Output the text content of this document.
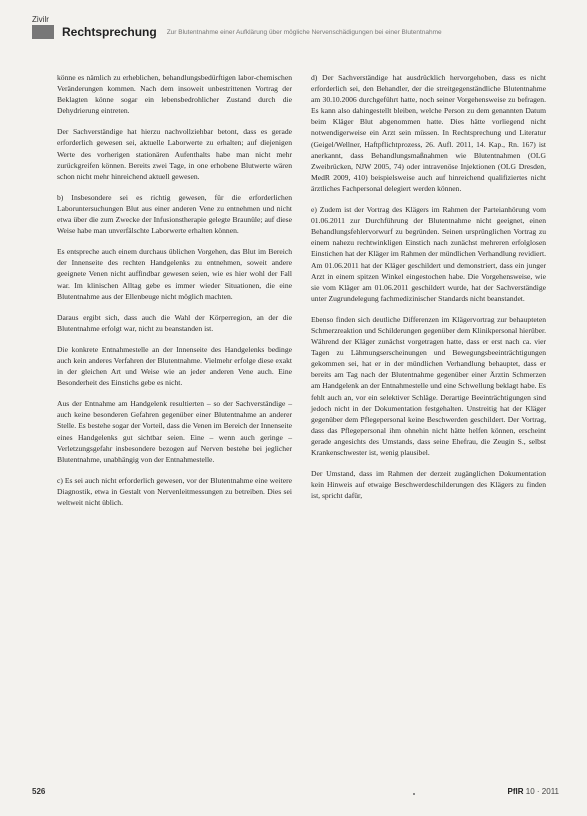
Zivilr
Rechtsprechung Zur Blutentnahme einer Aufklärung über mögliche Nervenschädigungen bei einer Blutentnahme

könne es nämlich zu erheblichen, behandlungsbedürftigen labor-chemischen Veränderungen kommen. Nach dem insoweit unbestrittenen Vortrag der Beklagten könne sogar ein lebensbedrohlicher Zustand durch die Dehydrierung eintreten.

Der Sachverständige hat hierzu nachvollziehbar betont, dass es gerade erforderlich gewesen sei, aktuelle Laborwerte zu erhalten; auf diejenigen Werte des vorherigen stationären Aufenthalts habe man nicht mehr zurückgreifen können. Bereits zwei Tage, in one erhobene Blutwerte wären schon nicht mehr hinreichend aktuell gewesen.

b) Insbesondere sei es richtig gewesen, für die erforderlichen Laboruntersuchungen Blut aus einer anderen Vene zu entnehmen und nicht etwa über die zum Zwecke der Infusionstherapie gelegte Braunüle; auf diese Weise habe man unverfälschte Laborwerte erhalten können.

Es entspreche auch einem durchaus üblichen Vorgehen, das Blut im Bereich der Innenseite des rechten Handgelenks zu entnehmen, soweit andere geeignete Venen nicht auffindbar gewesen seien, wie es hier wohl der Fall war. Im klinischen Alltag gebe es immer wieder Situationen, die eine Blutentnahme aus der Ellenbeuge nicht möglich machten.

Daraus ergibt sich, dass auch die Wahl der Körperregion, an der die Blutentnahme erfolgt war, nicht zu beanstanden ist.

Die konkrete Entnahmestelle an der Innenseite des Handgelenks bedinge auch kein anderes Verfahren der Blutentnahme. Vielmehr erfolge diese exakt in der gleichen Art und Weise wie an jeder anderen Vene auch. Eine Besonderheit des Einstichs gebe es nicht.

Aus der Entnahme am Handgelenk resultierten – so der Sachverständige – auch keine besonderen Gefahren gegenüber einer Blutentnahme an anderer Stelle. Es bestehe sogar der Vorteil, dass die Venen im Bereich der Innenseite eines Handgelenks gut sichtbar seien. Eine – wenn auch geringe – Verletzungsgefahr insbesondere bezogen auf Nerven bestehe bei jeglicher Blutentnahme, unabhängig von der Entnahmestelle.

c) Es sei auch nicht erforderlich gewesen, vor der Blutentnahme eine weitere Diagnostik, etwa in Gestalt von Nervenleitmessungen zu betreiben. Dies sei weltweit nicht üblich.

d) Der Sachverständige hat ausdrücklich hervorgehoben, dass es nicht erforderlich sei, den Behandler, der die streitgegenständliche Blutentnahme am 30.10.2006 durchgeführt hatte, noch seiner Vorgehensweise zu befragen. Es kann also dahingestellt bleiben, welche Person zu dem genannten Datum beim Kläger Blut abgenommen hatte. Dies hätte vorliegend nicht notwendigerweise ein Arzt sein müssen. In Rechtsprechung und Literatur (Geigel/Wellner, Haftpflichtprozess, 26. Aufl. 2011, 14. Kap., Rn. 167) ist anerkannt, dass Behandlungsmaßnahmen wie Blutentnahmen (OLG Zweibrücken, NJW 2005, 74) oder intravenöse Injektionen (OLG Dresden, MedR 2009, 410) beispielsweise auch auf hinreichend qualifiziertes nicht ärztliches Fachpersonal delegiert werden können.

e) Zudem ist der Vortrag des Klägers im Rahmen der Parteianhörung vom 01.06.2011 zur Durchführung der Blutentnahme nicht geeignet, einen Behandlungsfehlervorwurf zu begründen. Seinen ursprünglichen Vortrag zu einem nahezu rechtwinkligen Einstich nach zunächst mehreren erfolglosen Einstichen hat der Kläger im Rahmen der mündlichen Verhandlung revidiert. Am 01.06.2011 hat der Kläger geschildert und demonstriert, dass ein junger Arzt in einem spitzen Winkel eingestochen habe. Die Vorgehensweise, wie sie vom Kläger am 01.06.2011 geschildert wurde, hat der Sachverständige unter Zugrundelegung fachmedizinischer Standards nicht beanstandet.

Ebenso finden sich deutliche Differenzen im Klägervortrag zur behaupteten Schmerzreaktion und Schilderungen gegenüber dem Klinikpersonal hierüber. Während der Kläger zunächst vorgetragen hatte, dass er erst nach ca. vier Tagen zu Lähmungserscheinungen und Bewegungsbeeinträchtigungen gekommen sei, hat er in der mündlichen Verhandlung behauptet, dass er bereits am Tag nach der Blutentnahme gegenüber einer Ärztin Schmerzen am Handgelenk an der Entnahmestelle und eine Schwellung beklagt habe. Es fehlt auch an, vor ein selektiver Schläge. Derartige Beeinträchtigungen sind jedoch nicht in der Dokumentation festgehalten. Unstreitig hat der Kläger gegenüber dem Pflegepersonal keine Beschwerden geschildert. Der Vortrag, dass das Pflegepersonal ihm ohnehin nicht hätte helfen können, erscheint gerade angesichts des Umstands, dass seine Ehefrau, die Zeugin S., selbst Krankenschwester ist, wenig plausibel.

Der Umstand, dass im Rahmen der derzeit zugänglichen Dokumentation kein Hinweis auf etwaige Beschwerdeschilderungen des Klägers zu finden ist, spricht dafür,

526	PflR 10 · 2011
